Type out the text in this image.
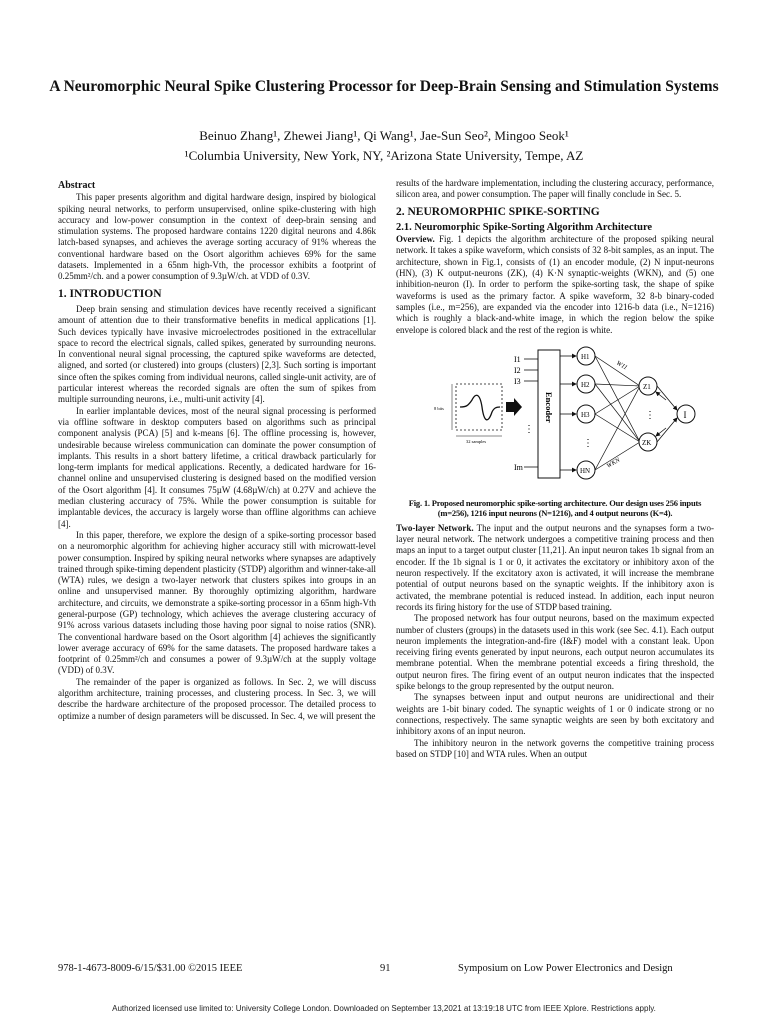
A Neuromorphic Neural Spike Clustering Processor for Deep-Brain Sensing and Stimulation Systems
Beinuo Zhang¹, Zhewei Jiang¹, Qi Wang¹, Jae-Sun Seo², Mingoo Seok¹
¹Columbia University, New York, NY, ²Arizona State University, Tempe, AZ
Abstract

This paper presents algorithm and digital hardware design, inspired by biological spiking neural networks, to perform unsupervised, online spike-clustering with high accuracy and low-power consumption in the context of deep-brain sensing and stimulation systems. The proposed hardware contains 1220 digital neurons and 4.86k latch-based synapses, and achieves the average sorting accuracy of 91% whereas the conventional hardware based on the Osort algorithm achieves 69% for the same datasets. Implemented in a 65nm high-Vth, the processor exhibits a footprint of 0.25mm²/ch. and a power consumption of 9.3µW/ch. at VDD of 0.3V.

1. INTRODUCTION

Deep brain sensing and stimulation devices have recently received a significant amount of attention due to their transformative benefits in medical applications [1]. Such devices typically have invasive microelectrodes positioned in the extracellular space to record the electrical signals, called spikes, generated by surrounding neurons. In conventional neural signal processing, the captured spike waveforms are detected, aligned, and sorted (or clustered) into groups (clusters) [2,3]. Such sorting is important since often the spikes coming from individual neurons, called single-unit activity, are of particular interest whereas the recorded signals are often the sum of spikes from multiple surrounding neurons, i.e., multi-unit activity [4].

In earlier implantable devices, most of the neural signal processing is performed via offline software in desktop computers based on algorithms such as principal component analysis (PCA) [5] and k-means [6]. The offline processing is, however, undesirable because wireless communication can dominate the power consumption of implants. This results in a short battery lifetime, a critical drawback particularly for long-term implants for medical applications. Recently, a dedicated hardware for 16-channel online and unsupervised clustering is designed based on the modified version of the Osort algorithm [4]. It consumes 75µW (4.68µW/ch) at 0.27V and achieve the median clustering accuracy of 75%. While the power consumption is suitable for implantable devices, the accuracy is largely worse than offline algorithms can achieve [4].

In this paper, therefore, we explore the design of a spike-sorting processor based on a neuromorphic algorithm for achieving higher accuracy still with microwatt-level power consumption. Inspired by spiking neural networks where synapses are adaptively trained through spike-timing dependent plasticity (STDP) algorithm and winner-take-all (WTA) rules, we design a two-layer network that clusters spikes into groups in an online and unsupervised manner. By thoroughly optimizing algorithm, hardware architecture, and circuits, we demonstrate a spike-sorting processor in a 65nm high-Vth general-purpose (GP) technology, which achieves the average clustering accuracy of 91% across various datasets including those having poor signal to noise ratios (SNR). The conventional hardware based on the Osort algorithm [4] achieves the significantly lower average accuracy of 69% for the same datasets. The proposed hardware takes a footprint of 0.25mm²/ch and consumes a power of 9.3µW/ch at the supply voltage (VDD) of 0.3V.

The remainder of the paper is organized as follows. In Sec. 2, we will discuss algorithm architecture, training processes, and clustering process. In Sec. 3, we will describe the hardware architecture of the proposed processor. The detailed process to optimize a number of design parameters will be discussed. In Sec. 4, we will present the

results of the hardware implementation, including the clustering accuracy, performance, silicon area, and power consumption. The paper will finally conclude in Sec. 5.

2. NEUROMORPHIC SPIKE-SORTING
2.1. Neuromorphic Spike-Sorting Algorithm Architecture

Overview. Fig. 1 depicts the algorithm architecture of the proposed spiking neural network. It takes a spike waveform, which consists of 32 8-bit samples, as an input. The architecture, shown in Fig.1, consists of (1) an encoder module, (2) N input-neurons (HN), (3) K output-neurons (ZK), (4) K·N synaptic-weights (WKN), and (5) one inhibition-neuron (I). In order to perform the spike-sorting task, the shape of spike waveforms is used as the primary factor. A spike waveform, 32 8-b binary-coded samples (i.e., m=256), are expanded via the encoder into 1216-b data (i.e., N=1216) which is roughly a black-and-white image, in which the region below the spike envelope is colored black and the rest of the region is white.

8 bits
32 samples
I1
I2
I3
Im
⋮
Encoder
H1
H2
H3
HN
⋮
W11
WKN
Z1
ZK
⋮	I
Fig. 1. Proposed neuromorphic spike-sorting architecture. Our design uses 256 inputs (m=256), 1216 input neurons (N=1216), and 4 output neurons (K=4).

Two-layer Network. The input and the output neurons and the synapses form a two-layer neural network. The network undergoes a competitive training process and then maps an input to a target output cluster [11,21]. An input neuron takes 1b signal from an encoder. If the 1b signal is 1 or 0, it activates the excitatory or inhibitory axon of the neuron respectively. If the excitatory axon is activated, it will increase the membrane potential of output neurons based on the synaptic weights. If the inhibitory axon is activated, the membrane potential is reduced instead. In addition, each input neuron records its firing history for the use of STDP based training.

The proposed network has four output neurons, based on the maximum expected number of clusters (groups) in the datasets used in this work (see Sec. 4.1). Each output neuron implements the integration-and-fire (I&F) model with a constant leak. Upon receiving firing events generated by input neurons, each output neuron accumulates its membrane potential. When the membrane potential exceeds a firing threshold, the output neuron fires. The firing event of an output neuron indicates that the inspected spike belongs to the group represented by the output neuron.

The synapses between input and output neurons are unidirectional and their weights are 1-bit binary coded. The synaptic weights of 1 or 0 indicate strong or no connections, respectively. The same synaptic weights are seen by both excitatory and inhibitory axons of an input neuron.

The inhibitory neuron in the network governs the competitive training process based on STDP [10] and WTA rules. When an output

978-1-4673-8009-6/15/$31.00 ©2015 IEEE	91	Symposium on Low Power Electronics and Design
Authorized licensed use limited to: University College London. Downloaded on September 13,2021 at 13:19:18 UTC from IEEE Xplore. Restrictions apply.
